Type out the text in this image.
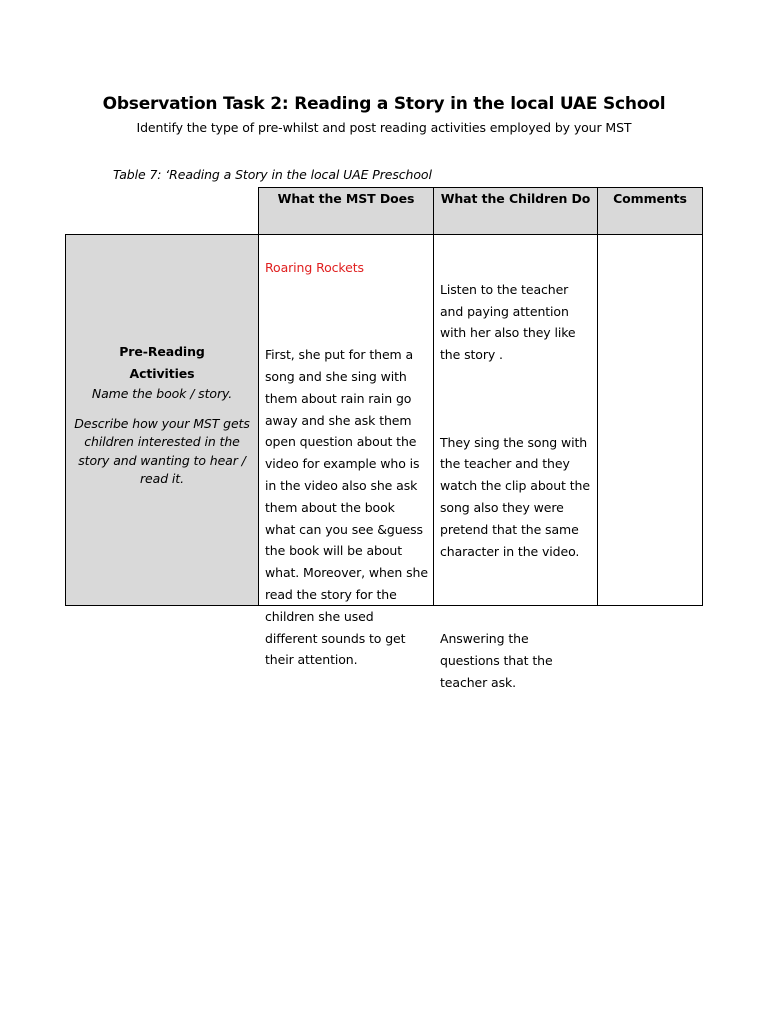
Observation Task 2: Reading a Story in the local UAE School
Identify the type of pre-whilst and post reading activities employed by your MST
Table 7: ‘Reading a Story in the local UAE Preschool
What the MST Does	What the Children Do	Comments
Pre-Reading
Activities
Name the book / story.
Describe how your MST gets children interested in the story and wanting to hear / read it.

Roaring Rockets

First, she put for them a song and she sing with them about rain rain go away and she ask them open question about the video for example who is in the video also she ask them about the book what can you see &guess the book will be about what. Moreover, when she read the story for the children she used different sounds to get their attention.

Listen to the teacher and paying attention with her also they like the story .

They sing the song with the teacher and they watch the clip about the song also they were pretend that the same character in the video.

Answering the questions that the teacher ask.
